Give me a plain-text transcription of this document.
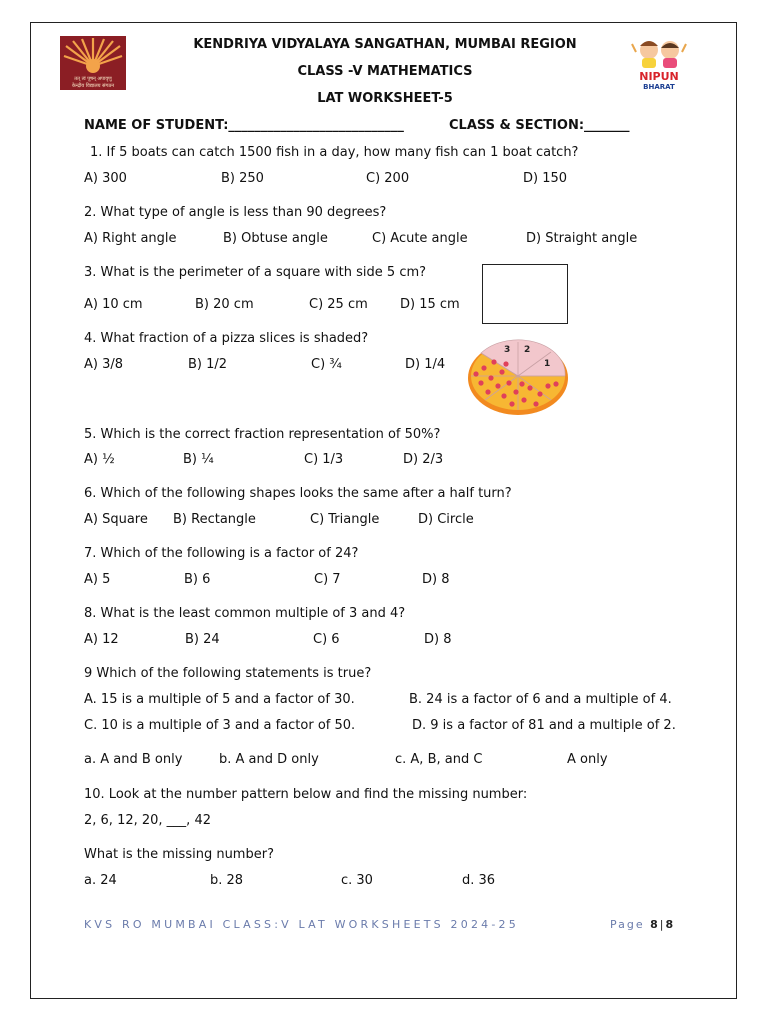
तत् त्वं पूषन् अपावृणु
केन्द्रीय विद्यालय संगठन
NIPUN
BHARAT
KENDRIYA VIDYALAYA SANGATHAN, MUMBAI REGION
CLASS -V MATHEMATICS
LAT WORKSHEET-5
NAME OF STUDENT:___________________________	CLASS & SECTION:_______
1. If 5 boats can catch 1500 fish in a day, how many fish can 1 boat catch?
A) 300	B) 250	C) 200	D) 150
2. What type of angle is less than 90 degrees?
A) Right angle	B) Obtuse angle	C) Acute angle	D) Straight angle
3. What is the perimeter of a square with side 5 cm?
A) 10 cm	B) 20 cm	C) 25 cm D) 15 cm
4. What fraction of a pizza slices is shaded?
A) 3/8	B) 1/2	C) ¾	D) 1/4
3 2
1
5. Which is the correct fraction representation of 50%?
A) ½	B) ¼	C) 1/3	D) 2/3
6. Which of the following shapes looks the same after a half turn?
A) Square B) Rectangle	C) Triangle	D) Circle
7. Which of the following is a factor of 24?
A) 5	B) 6	C) 7	D) 8
8. What is the least common multiple of 3 and 4?
A) 12	B) 24	C) 6	D) 8
9 Which of the following statements is true?
A. 15 is a multiple of 5 and a factor of 30.	B. 24 is a factor of 6 and a multiple of 4.
C. 10 is a multiple of 3 and a factor of 50.	D. 9 is a factor of 81 and a multiple of 2.
a. A and B only	b. A and D only	c. A, B, and C	A only
10. Look at the number pattern below and find the missing number:
2, 6, 12, 20, ___, 42
What is the missing number?
a. 24	b. 28	c. 30	d. 36
KVS RO MUMBAI CLASS:V LAT WORKSHEETS 2024-25	Page 8|8
